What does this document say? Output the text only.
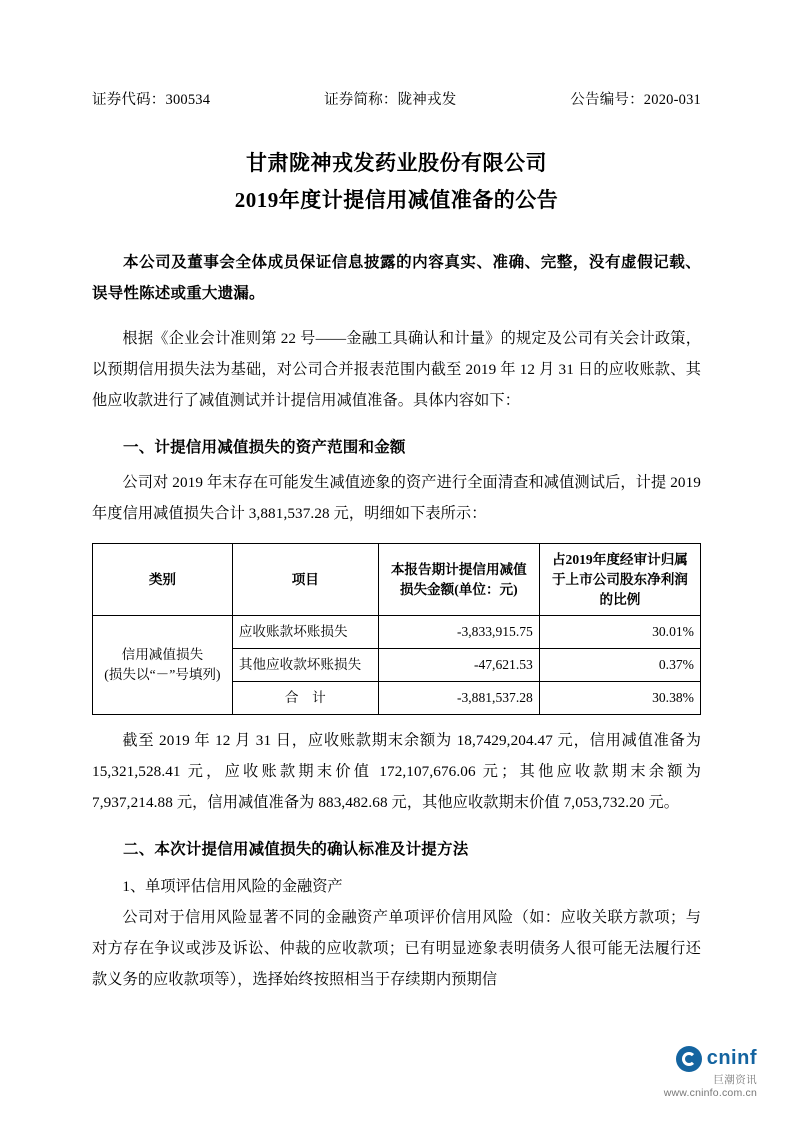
证券代码：300534	证券简称：陇神戎发	公告编号：2020-031
甘肃陇神戎发药业股份有限公司
2019年度计提信用减值准备的公告
本公司及董事会全体成员保证信息披露的内容真实、准确、完整，没有虚假记载、误导性陈述或重大遗漏。

根据《企业会计准则第 22 号——金融工具确认和计量》的规定及公司有关会计政策，以预期信用损失法为基础，对公司合并报表范围内截至 2019 年 12 月 31 日的应收账款、其他应收款进行了减值测试并计提信用减值准备。具体内容如下：

一、计提信用减值损失的资产范围和金额

公司对 2019 年末存在可能发生减值迹象的资产进行全面清查和减值测试后，计提 2019 年度信用减值损失合计 3,881,537.28 元，明细如下表所示：

类别	项目	本报告期计提信用减值损失金额(单位：元)	占2019年度经审计归属于上市公司股东净利润的比例

信用减值损失
(损失以“－”号填列)	应收账款坏账损失	-3,833,915.75	30.01%
	其他应收款坏账损失	-47,621.53	0.37%
	合　计	-3,881,537.28	30.38%

截至 2019 年 12 月 31 日，应收账款期末余额为 18,7429,204.47 元，信用减值准备为 15,321,528.41 元，应收账款期末价值 172,107,676.06 元；其他应收款期末余额为 7,937,214.88 元，信用减值准备为 883,482.68 元，其他应收款期末价值 7,053,732.20 元。

二、本次计提信用减值损失的确认标准及计提方法

1、单项评估信用风险的金融资产

公司对于信用风险显著不同的金融资产单项评价信用风险（如：应收关联方款项；与对方存在争议或涉及诉讼、仲裁的应收款项；已有明显迹象表明债务人很可能无法履行还款义务的应收款项等），选择始终按照相当于存续期内预期信

cninf
巨潮资讯
www.cninfo.com.cn
